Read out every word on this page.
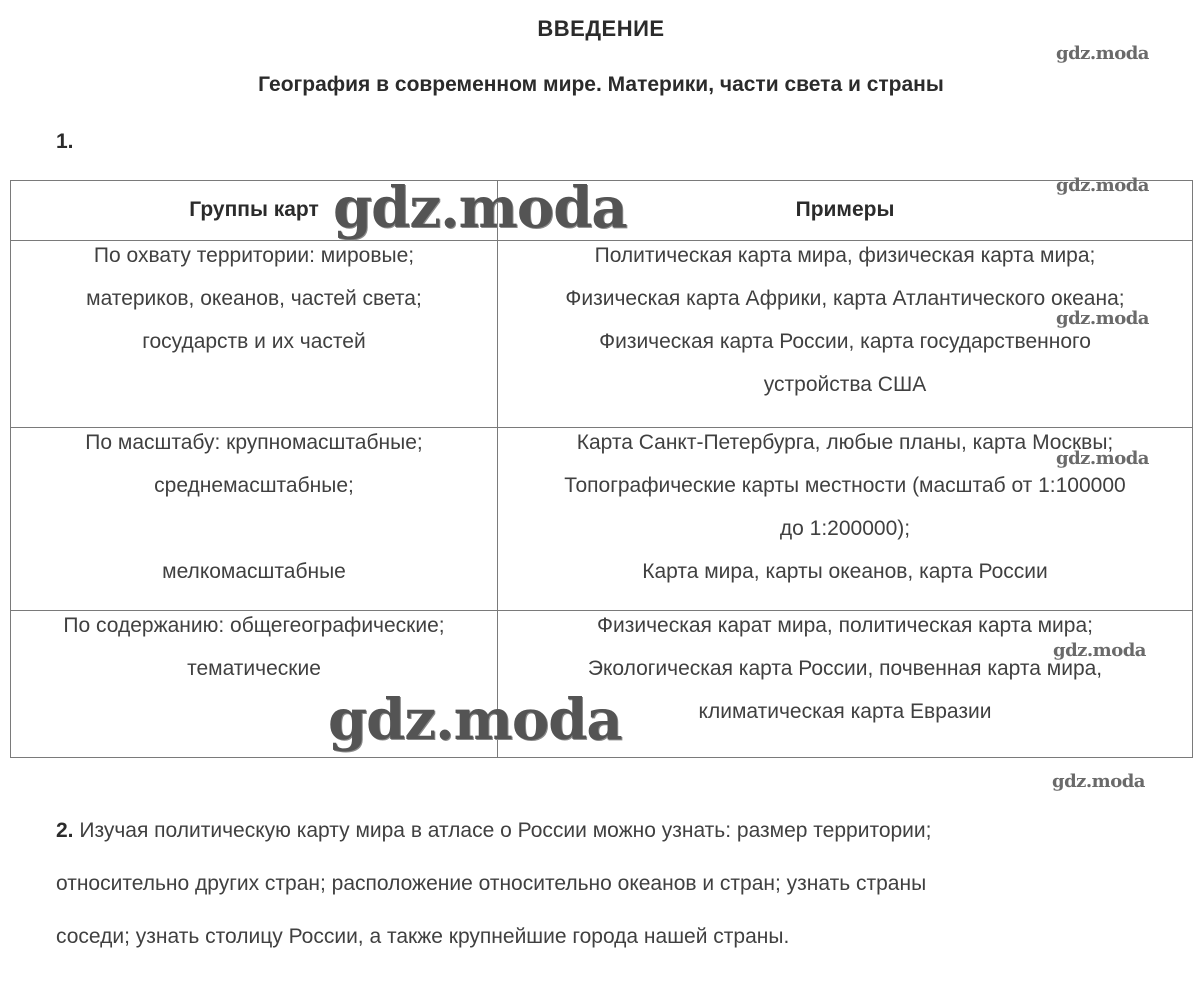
ВВЕДЕНИЕ
География в современном мире. Материки, части света и страны
1.
Группы карт	Примеры

По охвату территории: мировые;
материков, океанов, частей света;
государств и их частей	Политическая карта мира, физическая карта мира;
Физическая карта Африки, карта Атлантического океана;
Физическая карта России, карта государственного
устройства США

По масштабу: крупномасштабные;
среднемасштабные;
мелкомасштабные	Карта Санкт-Петербурга, любые планы, карта Москвы;
Топографические карты местности (масштаб от 1:100000
до 1:200000);
Карта мира, карты океанов, карта России

По содержанию: общегеографические;
тематические	Физическая карат мира, политическая карта мира;
Экологическая карта России, почвенная карта мира,
климатическая карта Евразии
2. Изучая политическую карту мира в атласе о России можно узнать: размер территории;
относительно других стран; расположение относительно океанов и стран; узнать страны
соседи; узнать столицу России, а также крупнейшие города нашей страны.
gdz.moda
gdz.moda
gdz.moda
gdz.moda
gdz.moda
gdz.moda
gdz.moda
gdz.moda
